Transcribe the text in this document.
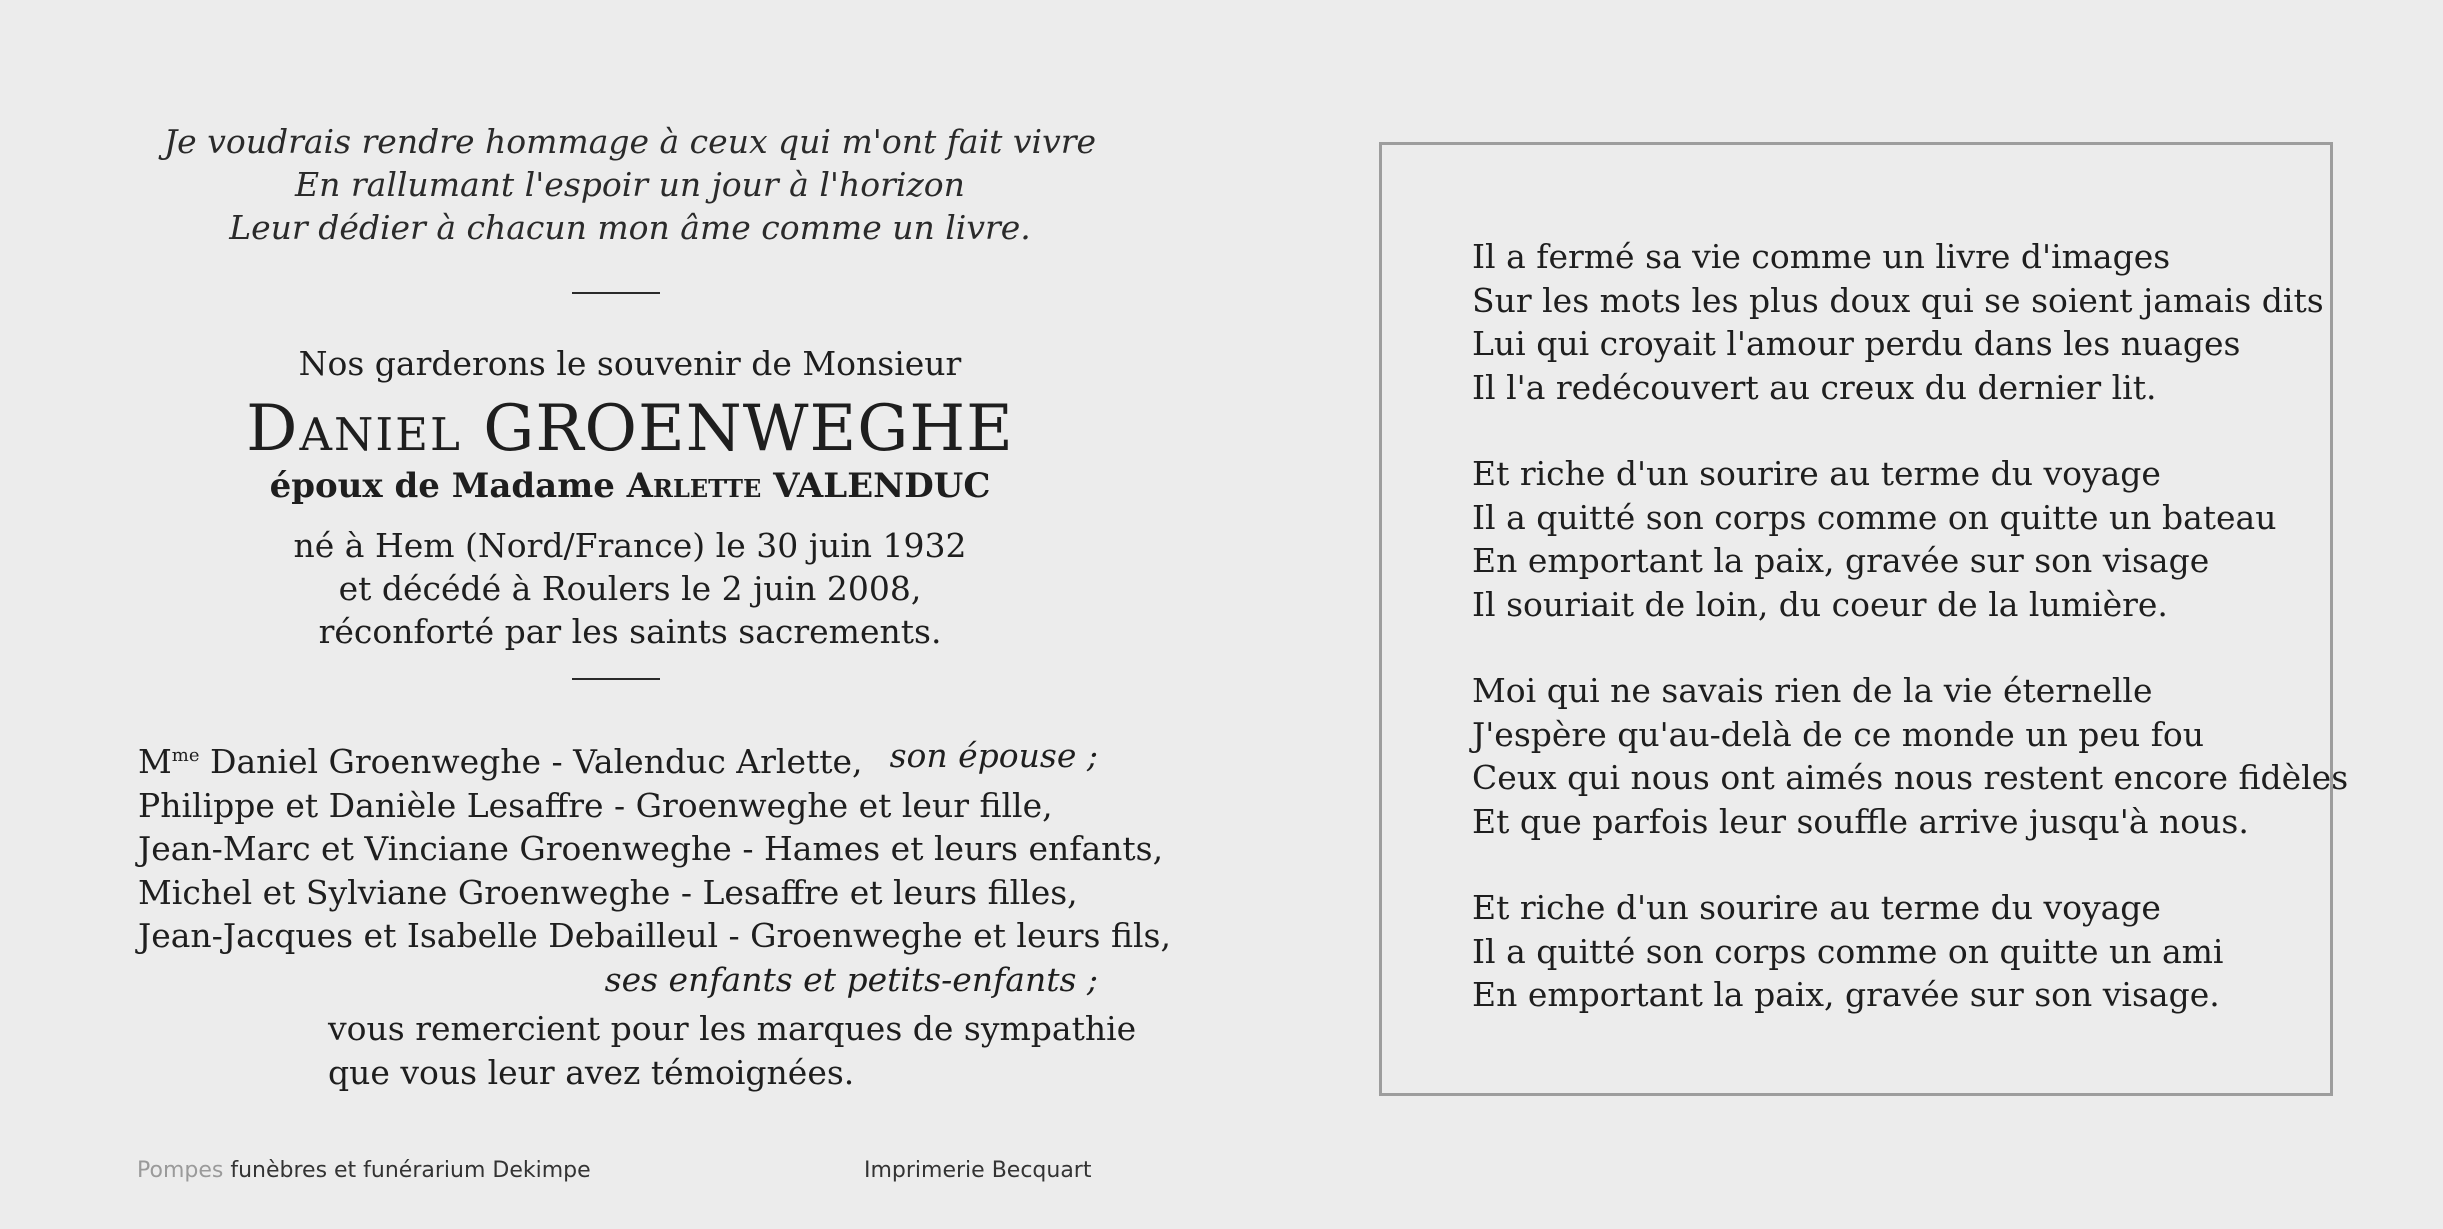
Je voudrais rendre hommage à ceux qui m'ont fait vivre
En rallumant l'espoir un jour à l'horizon
Leur dédier à chacun mon âme comme un livre.
Nos garderons le souvenir de Monsieur
Daniel GROENWEGHE
époux de Madame Arlette VALENDUC
né à Hem (Nord/France) le 30 juin 1932
et décédé à Roulers le 2 juin 2008,
réconforté par les saints sacrements.
$M^{me}$ Daniel Groenweghe - Valenduc Arlette, son épouse ;
Philippe et Danièle Lesaffre - Groenweghe et leur fille,
Jean-Marc et Vinciane Groenweghe - Hames et leurs enfants,
Michel et Sylviane Groenweghe - Lesaffre et leurs filles,
Jean-Jacques et Isabelle Debailleul - Groenweghe et leurs fils,
ses enfants et petits-enfants ;
vous remercient pour les marques de sympathie
que vous leur avez témoignées.
Pompes funèbres et funérarium Dekimpe	Imprimerie Becquart
Il a fermé sa vie comme un livre d'images
Sur les mots les plus doux qui se soient jamais dits
Lui qui croyait l'amour perdu dans les nuages
Il l'a redécouvert au creux du dernier lit.
Et riche d'un sourire au terme du voyage
Il a quitté son corps comme on quitte un bateau
En emportant la paix, gravée sur son visage
Il souriait de loin, du coeur de la lumière.
Moi qui ne savais rien de la vie éternelle
J'espère qu'au-delà de ce monde un peu fou
Ceux qui nous ont aimés nous restent encore fidèles
Et que parfois leur souffle arrive jusqu'à nous.
Et riche d'un sourire au terme du voyage
Il a quitté son corps comme on quitte un ami
En emportant la paix, gravée sur son visage.
